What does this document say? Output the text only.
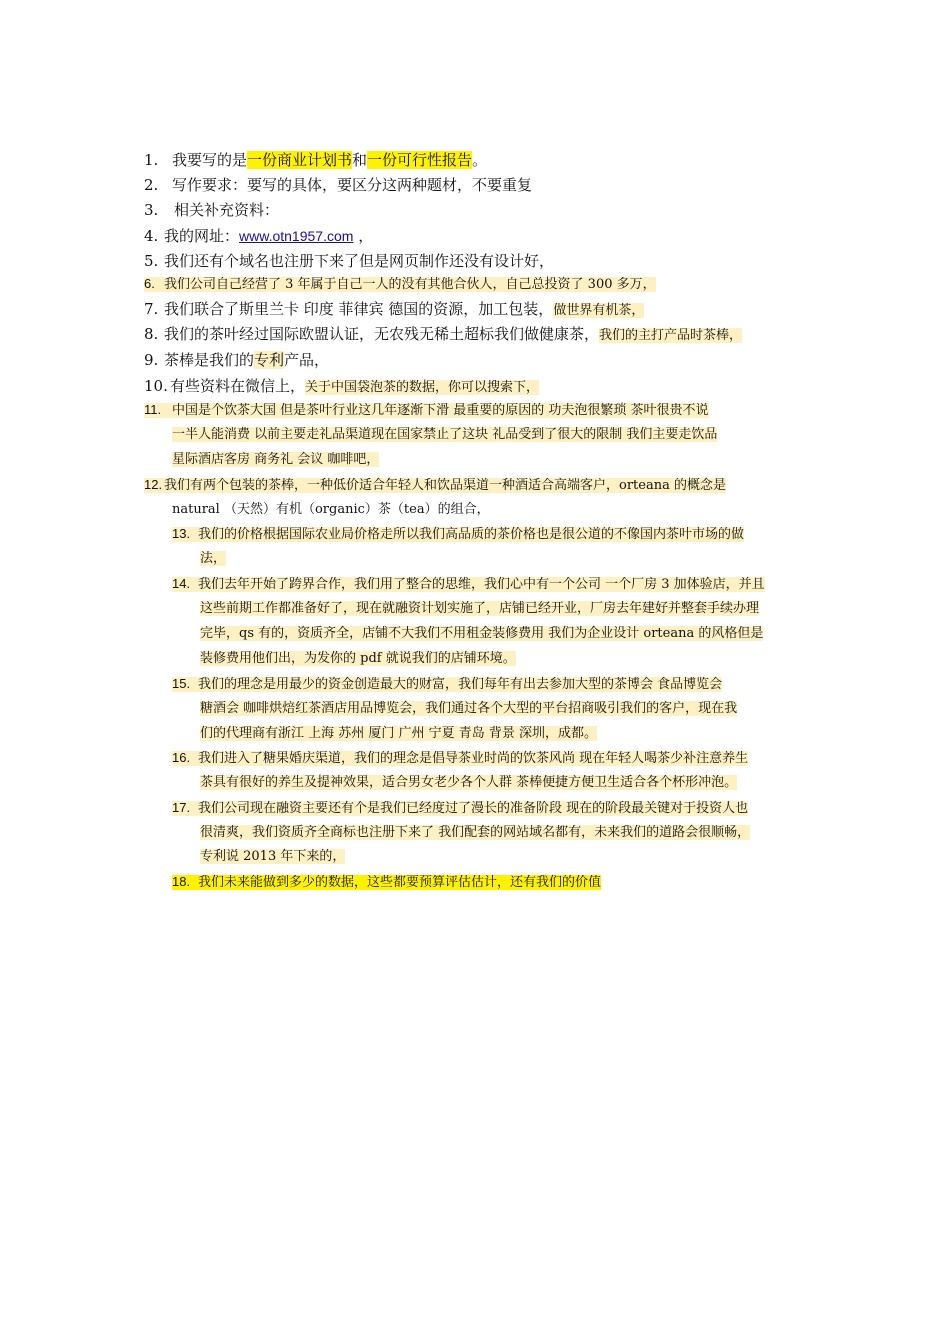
1. 我要写的是一份商业计划书和一份可行性报告。
2. 写作要求：要写的具体，要区分这两种题材，不要重复
3. 相关补充资料：
4. 我的网址：www.otn1957.com ，
5. 我们还有个域名也注册下来了但是网页制作还没有设计好，
6. 我们公司自己经营了 3 年属于自己一人的没有其他合伙人，自己总投资了 300 多万，
7. 我们联合了斯里兰卡 印度 菲律宾 德国的资源，加工包装，做世界有机茶，
8. 我们的茶叶经过国际欧盟认证，无农残无稀土超标我们做健康茶，我们的主打产品时茶棒，
9. 茶棒是我们的专利产品，
10. 有些资料在微信上，关于中国袋泡茶的数据，你可以搜索下，
11. 中国是个饮茶大国 但是茶叶行业这几年逐渐下滑 最重要的原因的 功夫泡很繁琐 茶叶很贵不说
一半人能消费 以前主要走礼品渠道现在国家禁止了这块 礼品受到了很大的限制 我们主要走饮品
星际酒店客房 商务礼 会议 咖啡吧，
12. 我们有两个包装的茶棒，一种低价适合年轻人和饮品渠道一种酒适合高端客户，orteana 的概念是
natural （天然）有机（organic）茶（tea）的组合，
13. 我们的价格根据国际农业局价格走所以我们高品质的茶价格也是很公道的不像国内茶叶市场的做
法，
14. 我们去年开始了跨界合作，我们用了整合的思维，我们心中有一个公司 一个厂房 3 加体验店，并且
这些前期工作都准备好了，现在就融资计划实施了，店铺已经开业，厂房去年建好并整套手续办理
完毕，qs 有的，资质齐全，店铺不大我们不用租金装修费用 我们为企业设计 orteana 的风格但是
装修费用他们出，为发你的 pdf 就说我们的店铺环境。
15. 我们的理念是用最少的资金创造最大的财富，我们每年有出去参加大型的茶博会 食品博览会
糖酒会 咖啡烘焙红茶酒店用品博览会，我们通过各个大型的平台招商吸引我们的客户，现在我
们的代理商有浙江 上海 苏州 厦门 广州 宁夏 青岛 背景 深圳，成都。
16. 我们进入了糖果婚庆渠道，我们的理念是倡导茶业时尚的饮茶风尚 现在年轻人喝茶少补注意养生
茶具有很好的养生及提神效果，适合男女老少各个人群 茶棒便捷方便卫生适合各个杯形冲泡。
17. 我们公司现在融资主要还有个是我们已经度过了漫长的准备阶段 现在的阶段最关键对于投资人也
很清爽，我们资质齐全商标也注册下来了 我们配套的网站域名都有，未来我们的道路会很顺畅，
专利说 2013 年下来的，
18. 我们未来能做到多少的数据，这些都要预算评估估计，还有我们的价值
